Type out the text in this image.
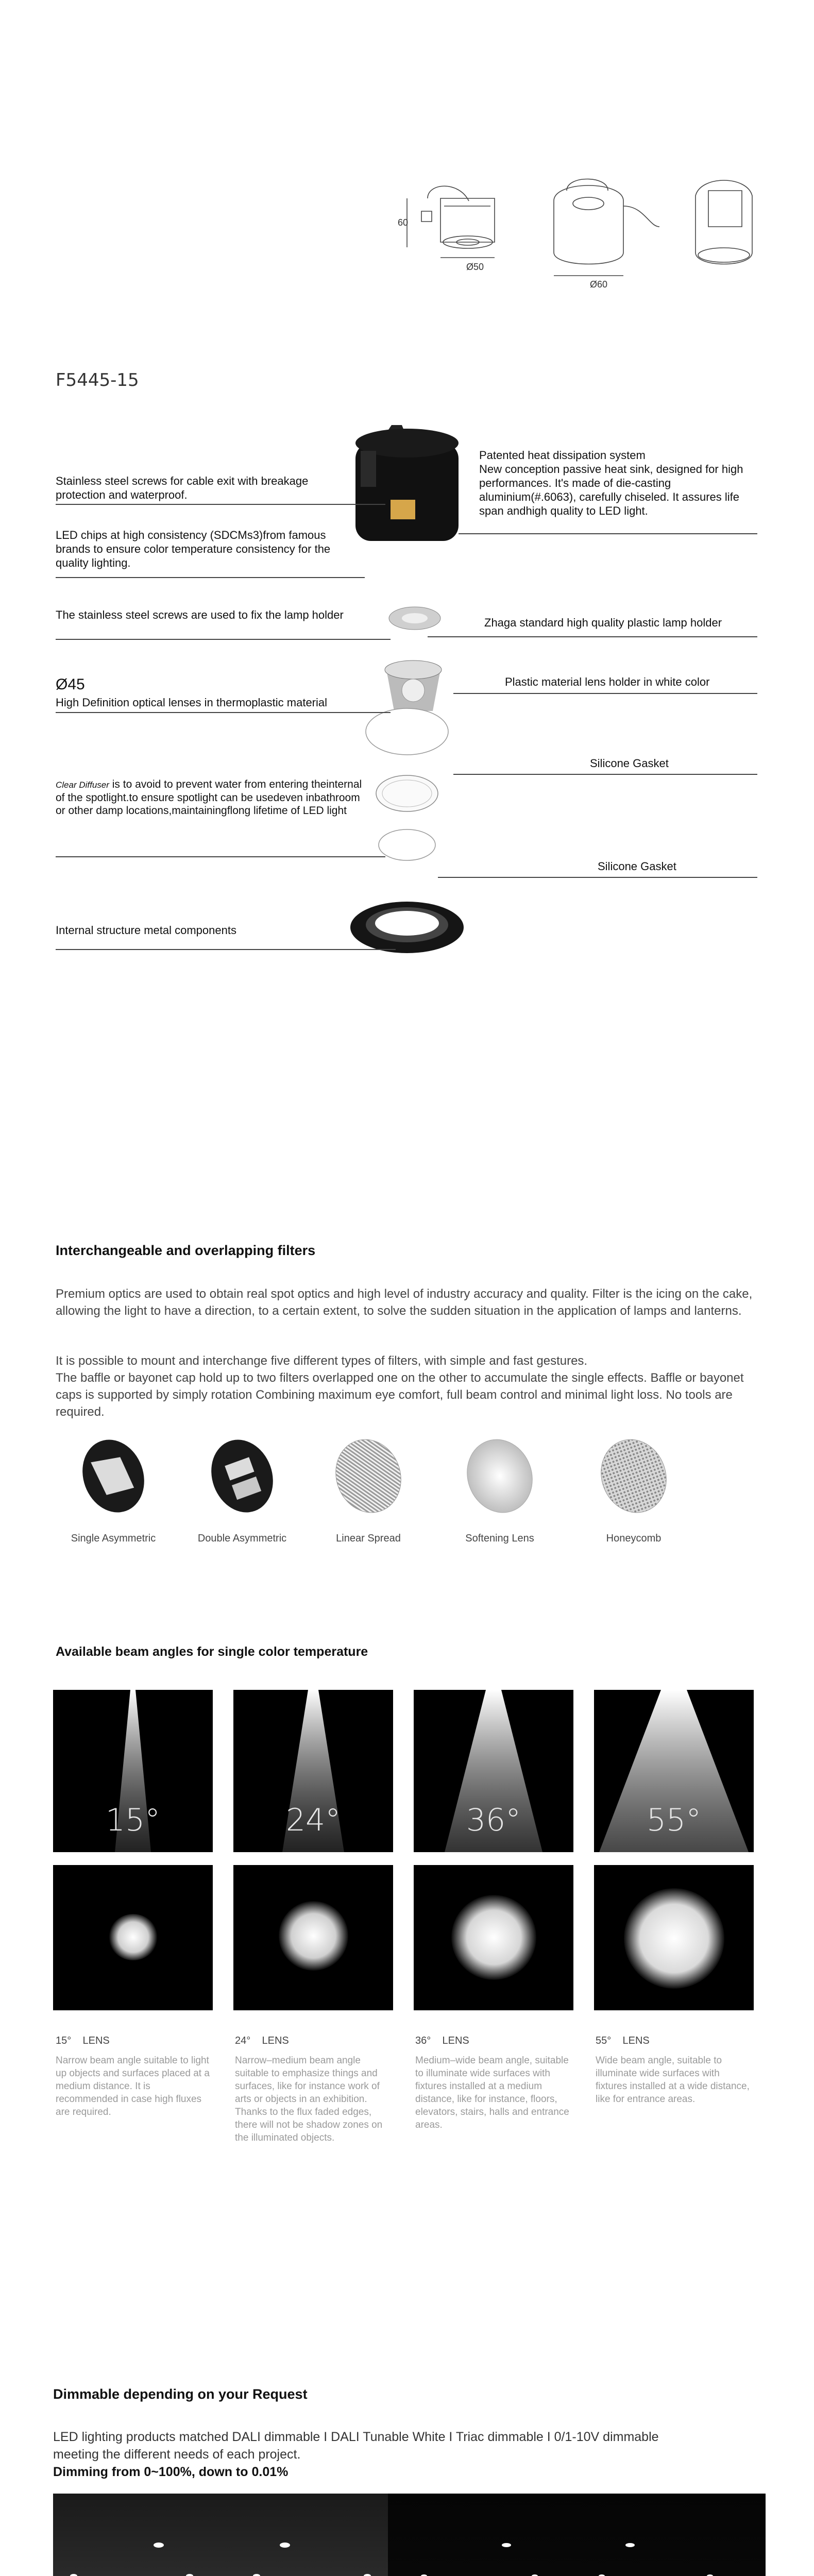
60
Ø50
Ø60
F5445-15
Stainless steel screws for cable exit with breakage protection and waterproof.
LED chips at high consistency (SDCMs3)from famous brands to ensure color temperature consistency for the quality lighting.
The stainless steel screws are used to fix the lamp holder
Ø45
High Definition optical lenses in thermoplastic material
Clear Diffuser is to avoid to prevent water from entering theinternal of the spotlight.to ensure spotlight can be usedeven inbathroom or other damp locations,maintainingflong lifetime of LED light
Internal structure metal components
Patented heat dissipation system
New conception passive heat sink, designed for high performances. It's made of die-casting aluminium(#.6063), carefully chiseled. It assures life span andhigh quality to LED light.
Zhaga standard high quality plastic lamp holder
Plastic material lens holder in white color
Silicone Gasket
Silicone Gasket
Interchangeable and overlapping filters
Premium optics are used to obtain real spot optics and high level of industry accuracy and quality. Filter is the icing on the cake, allowing the light to have a direction, to a certain extent, to solve the sudden situation in the application of lamps and lanterns.
It is possible to mount and interchange five different types of filters, with simple and fast gestures.
The baffle or bayonet cap hold up to two filters overlapped one on the other to accumulate the single effects. Baffle or bayonet caps is supported by simply rotation Combining maximum eye comfort, full beam control and minimal light loss. No tools are required.
Single Asymmetric	Double Asymmetric	Linear Spread	Softening Lens	Honeycomb
Available beam angles for single color temperature
15°	24°	36°	55°
15° LENS
Narrow beam angle suitable to light up objects and surfaces placed at a medium distance. It is recommended in case high fluxes are required.
24° LENS
Narrow–medium beam angle suitable to emphasize things and surfaces, like for instance work of arts or objects in an exhibition. Thanks to the flux faded edges, there will not be shadow zones on the illuminated objects.
36° LENS
Medium–wide beam angle, suitable to illuminate wide surfaces with fixtures installed at a medium distance, like for instance, floors, elevators, stairs, halls and entrance areas.
55° LENS
Wide beam angle, suitable to illuminate wide surfaces with fixtures installed at a wide distance, like for entrance areas.
Dimmable depending on your Request
LED lighting products matched DALI dimmable I DALI Tunable White I Triac dimmable I 0/1-10V dimmable
meeting the different needs of each project.
Dimming from 0~100%, down to 0.01%
